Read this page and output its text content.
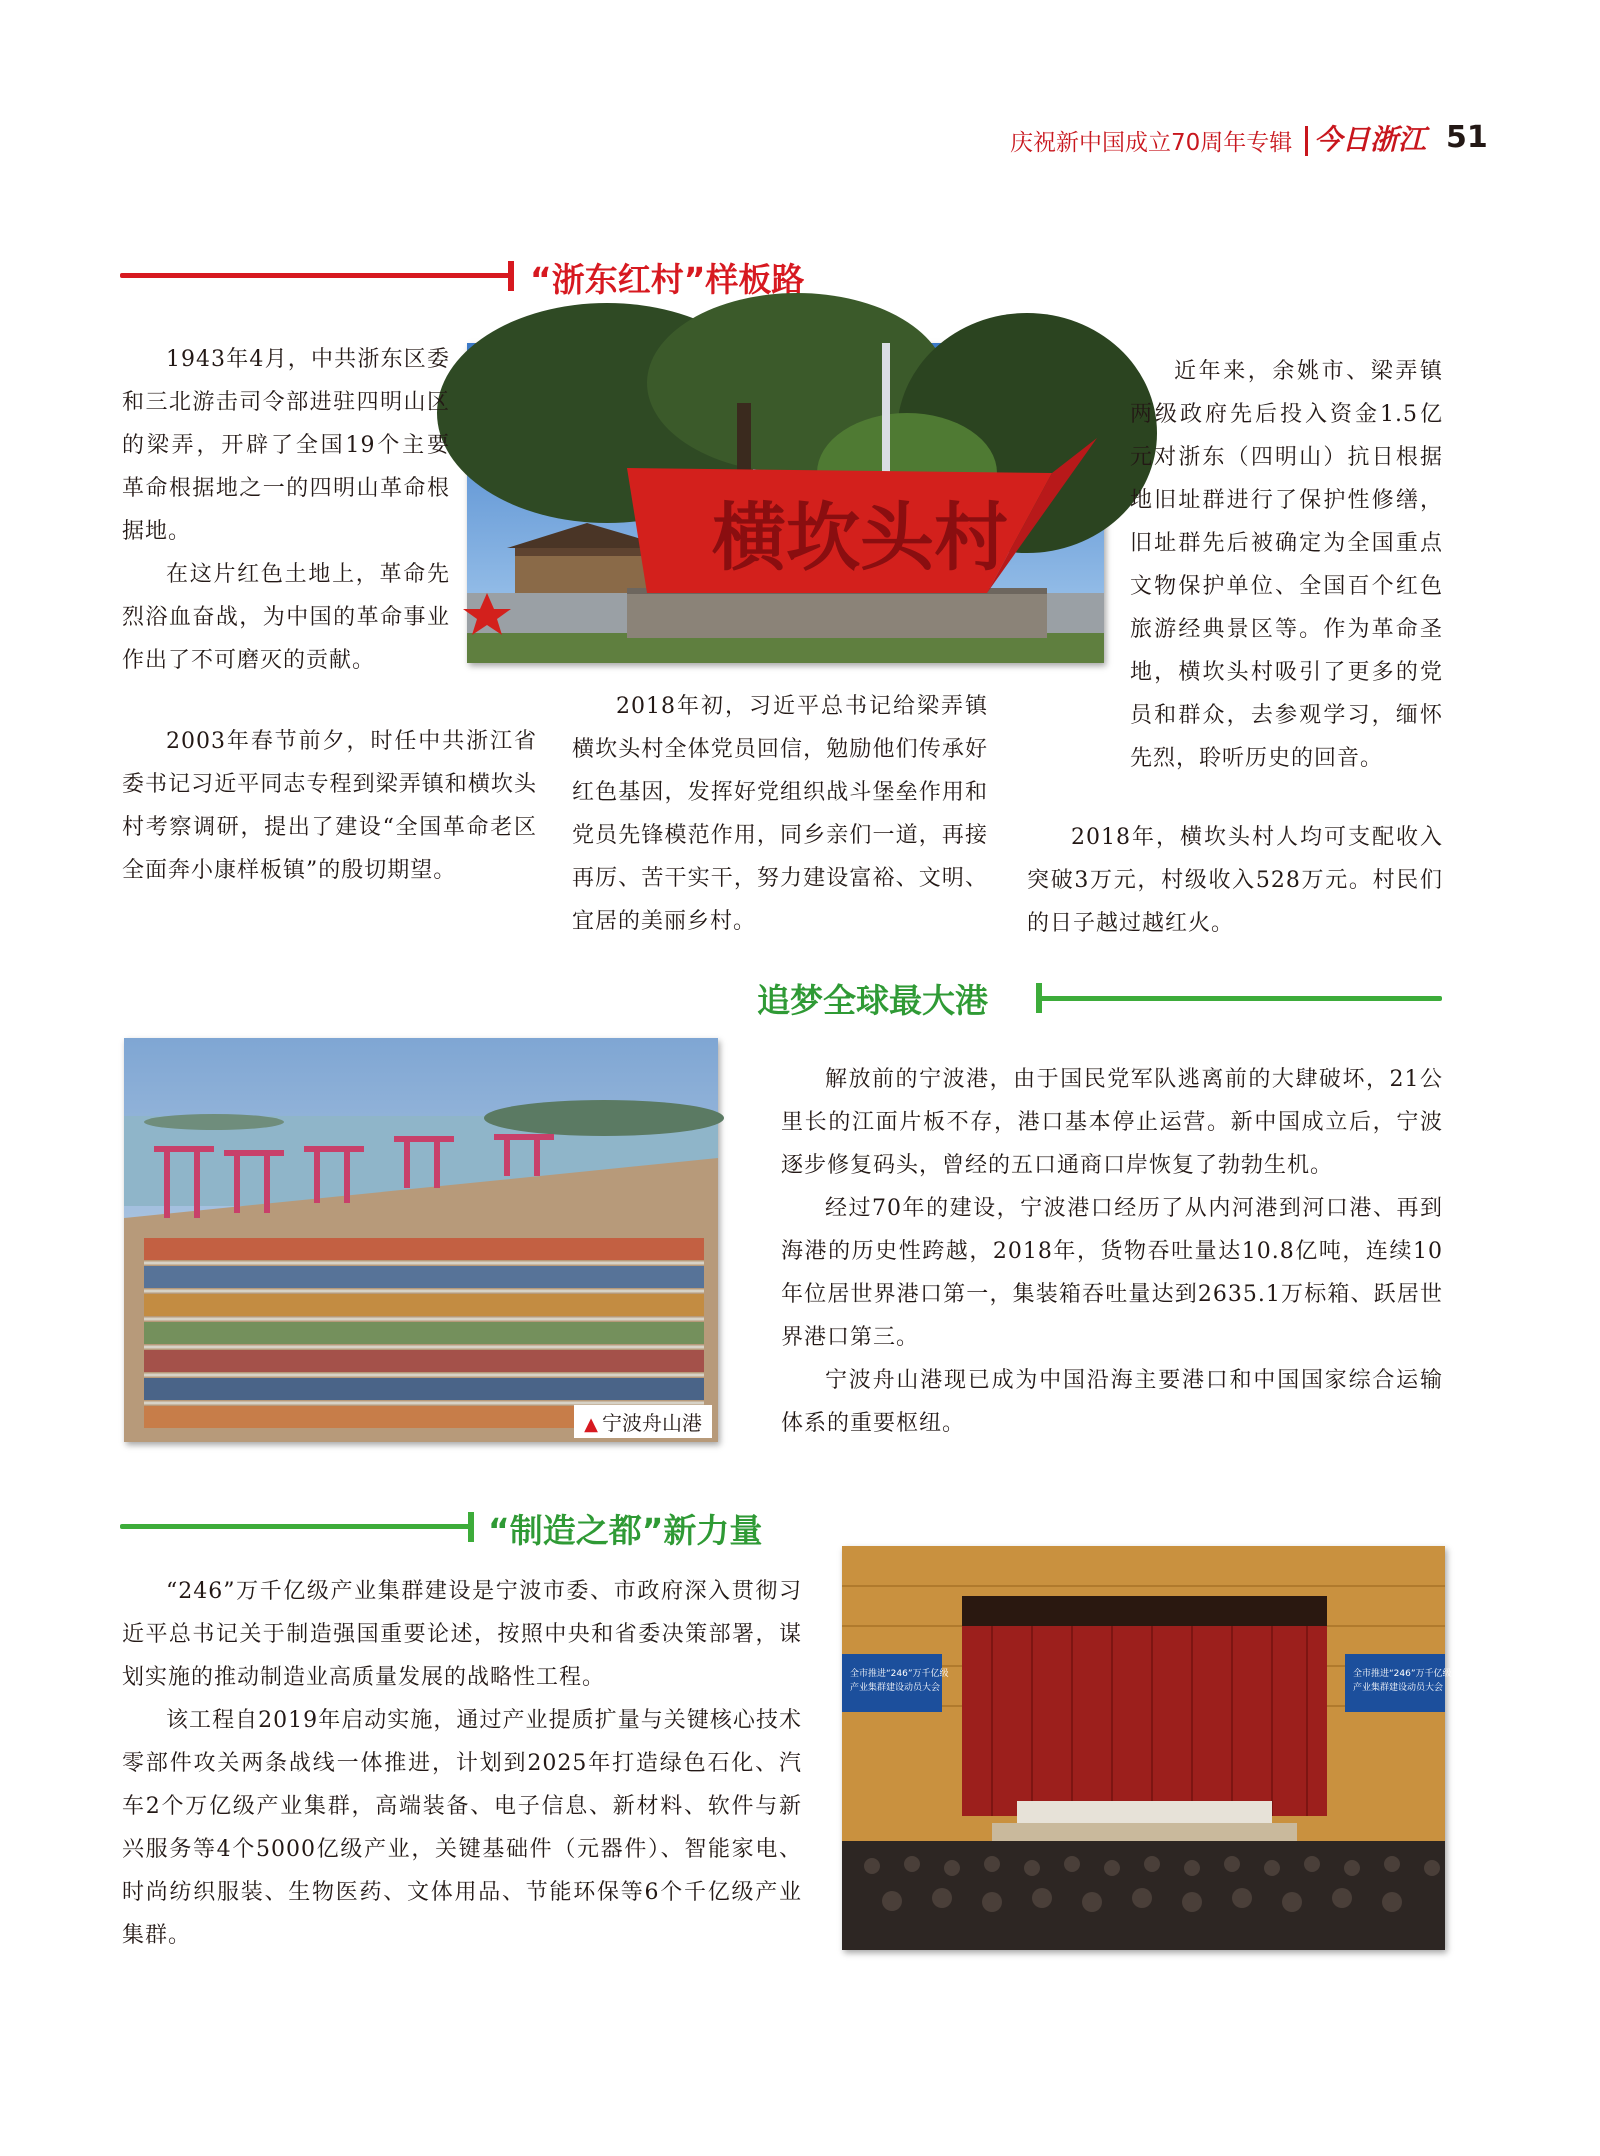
庆祝新中国成立70周年专辑 今日浙江 51
“浙东红村”样板路
横坎头村

1943年4月，中共浙东区委和三北游击司令部进驻四明山区的梁弄，开辟了全国19个主要革命根据地之一的四明山革命根据地。

在这片红色土地上，革命先烈浴血奋战，为中国的革命事业作出了不可磨灭的贡献。

2003年春节前夕，时任中共浙江省委书记习近平同志专程到梁弄镇和横坎头村考察调研，提出了建设“全国革命老区全面奔小康样板镇”的殷切期望。

2018年初，习近平总书记给梁弄镇横坎头村全体党员回信，勉励他们传承好红色基因，发挥好党组织战斗堡垒作用和党员先锋模范作用，同乡亲们一道，再接再厉、苦干实干，努力建设富裕、文明、宜居的美丽乡村。

近年来，余姚市、梁弄镇两级政府先后投入资金1.5亿元对浙东（四明山）抗日根据地旧址群进行了保护性修缮，旧址群先后被确定为全国重点文物保护单位、全国百个红色旅游经典景区等。作为革命圣地，横坎头村吸引了更多的党员和群众，去参观学习，缅怀先烈，聆听历史的回音。

2018年，横坎头村人均可支配收入突破3万元，村级收入528万元。村民们的日子越过越红火。

追梦全球最大港
▲ 宁波舟山港

解放前的宁波港，由于国民党军队逃离前的大肆破坏，21公里长的江面片板不存，港口基本停止运营。新中国成立后，宁波逐步修复码头，曾经的五口通商口岸恢复了勃勃生机。

经过70年的建设，宁波港口经历了从内河港到河口港、再到海港的历史性跨越，2018年，货物吞吐量达10.8亿吨，连续10年位居世界港口第一，集装箱吞吐量达到2635.1万标箱、跃居世界港口第三。

宁波舟山港现已成为中国沿海主要港口和中国国家综合运输体系的重要枢纽。

“制造之都”新力量

“246”万千亿级产业集群建设是宁波市委、市政府深入贯彻习近平总书记关于制造强国重要论述，按照中央和省委决策部署，谋划实施的推动制造业高质量发展的战略性工程。

该工程自2019年启动实施，通过产业提质扩量与关键核心技术零部件攻关两条战线一体推进，计划到2025年打造绿色石化、汽车2个万亿级产业集群，高端装备、电子信息、新材料、软件与新兴服务等4个5000亿级产业，关键基础件（元器件）、智能家电、时尚纺织服装、生物医药、文体用品、节能环保等6个千亿级产业集群。

全市推进“246”万千亿级产业集群建设动员大会
全市推进“246”万千亿级产业集群建设动员大会
